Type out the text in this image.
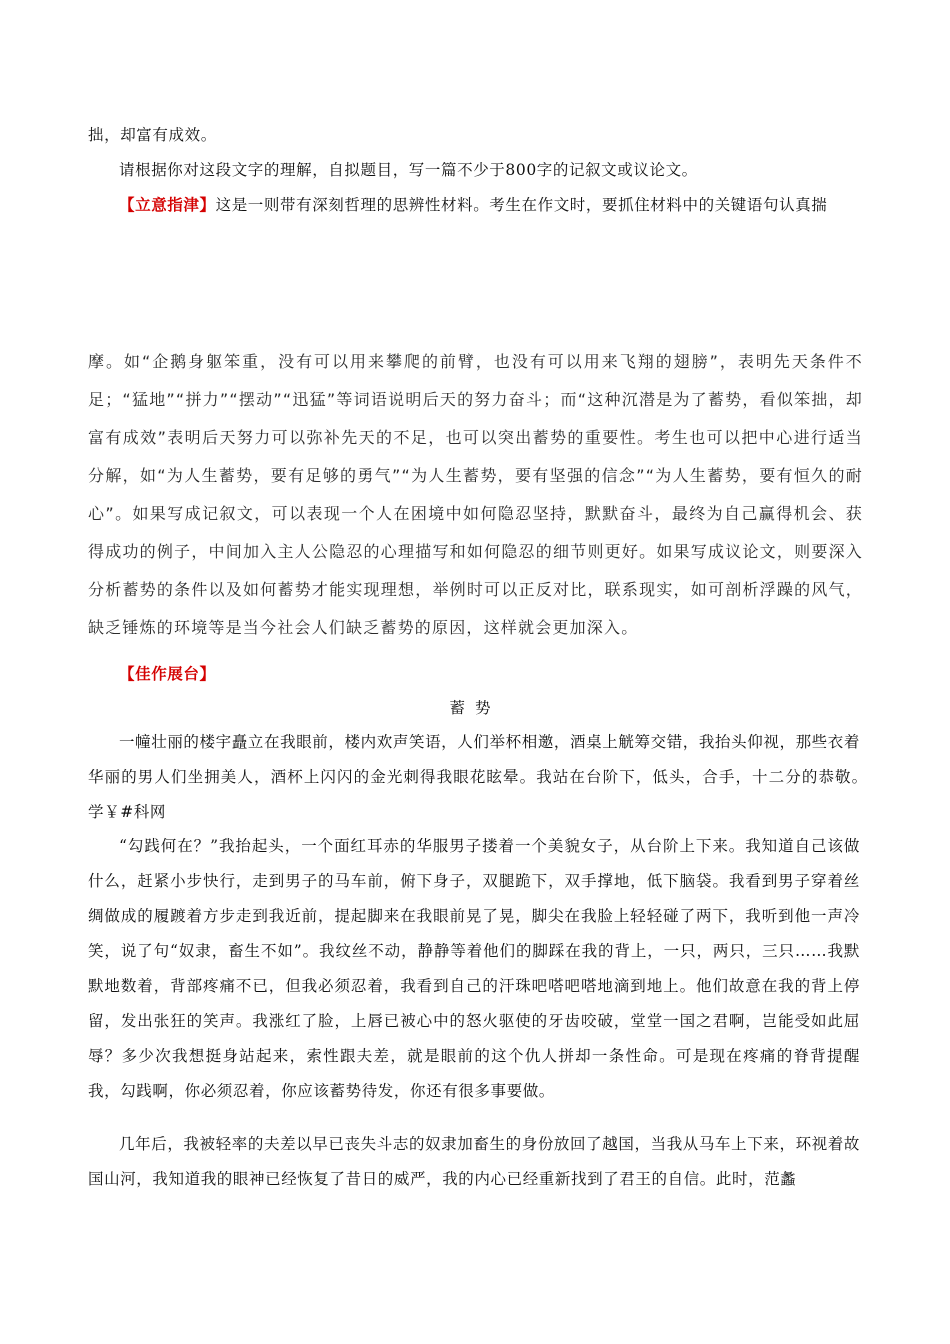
拙，却富有成效。

请根据你对这段文字的理解，自拟题目，写一篇不少于800字的记叙文或议论文。

【立意指津】这是一则带有深刻哲理的思辨性材料。考生在作文时，要抓住材料中的关键语句认真揣

摩。如“企鹅身躯笨重，没有可以用来攀爬的前臂，也没有可以用来飞翔的翅膀”，表明先天条件不足；“猛地”“拼力”“摆动”“迅猛”等词语说明后天的努力奋斗；而“这种沉潜是为了蓄势，看似笨拙，却富有成效”表明后天努力可以弥补先天的不足，也可以突出蓄势的重要性。考生也可以把中心进行适当分解，如“为人生蓄势，要有足够的勇气”“为人生蓄势，要有坚强的信念”“为人生蓄势，要有恒久的耐心”。如果写成记叙文，可以表现一个人在困境中如何隐忍坚持，默默奋斗，最终为自己赢得机会、获得成功的例子，中间加入主人公隐忍的心理描写和如何隐忍的细节则更好。如果写成议论文，则要深入分析蓄势的条件以及如何蓄势才能实现理想，举例时可以正反对比，联系现实，如可剖析浮躁的风气，缺乏锤炼的环境等是当今社会人们缺乏蓄势的原因，这样就会更加深入。

【佳作展台】

蓄势

一幢壮丽的楼宇矗立在我眼前，楼内欢声笑语，人们举杯相邀，酒桌上觥筹交错，我抬头仰视，那些衣着华丽的男人们坐拥美人，酒杯上闪闪的金光刺得我眼花眩晕。我站在台阶下，低头，合手，十二分的恭敬。　学￥#科网

“勾践何在？”我抬起头，一个面红耳赤的华服男子搂着一个美貌女子，从台阶上下来。我知道自己该做什么，赶紧小步快行，走到男子的马车前，俯下身子，双腿跪下，双手撑地，低下脑袋。我看到男子穿着丝绸做成的履踱着方步走到我近前，提起脚来在我眼前晃了晃，脚尖在我脸上轻轻碰了两下，我听到他一声冷笑，说了句“奴隶，畜生不如”。我纹丝不动，静静等着他们的脚踩在我的背上，一只，两只，三只……我默默地数着，背部疼痛不已，但我必须忍着，我看到自己的汗珠吧嗒吧嗒地滴到地上。他们故意在我的背上停留，发出张狂的笑声。我涨红了脸，上唇已被心中的怒火驱使的牙齿咬破，堂堂一国之君啊，岂能受如此屈辱？多少次我想挺身站起来，索性跟夫差，就是眼前的这个仇人拼却一条性命。可是现在疼痛的脊背提醒我，勾践啊，你必须忍着，你应该蓄势待发，你还有很多事要做。

几年后，我被轻率的夫差以早已丧失斗志的奴隶加畜生的身份放回了越国，当我从马车上下来，环视着故国山河，我知道我的眼神已经恢复了昔日的威严，我的内心已经重新找到了君王的自信。此时，范蠡
